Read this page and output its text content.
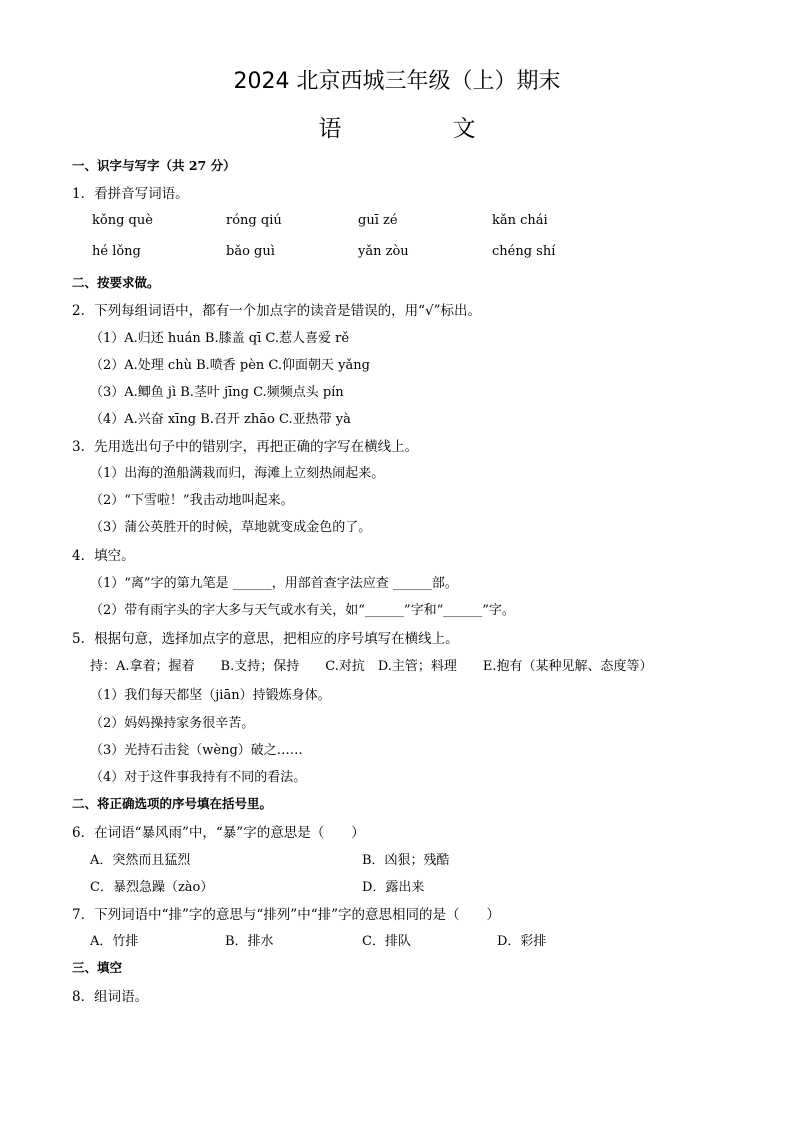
2024 北京西城三年级（上）期末
语　文
一、识字与写字（共 27 分）
1．看拼音写词语。
kǒng què	róng qiú	guī zé	kǎn chái
hé lǒng	bǎo guì	yǎn zòu	chéng shí
二、按要求做。
2．下列每组词语中，都有一个加点字的读音是错误的，用“√”标出。
（1）A.归还 huán B.膝盖 qī C.惹人喜爱 rě
（2）A.处理 chù B.喷香 pèn C.仰面朝天 yǎng
（3）A.鲫鱼 jì B.茎叶 jīng C.频频点头 pín
（4）A.兴奋 xīng B.召开 zhāo C.亚热带 yà
3．先用选出句子中的错别字，再把正确的字写在横线上。
（1）出海的渔船满栽而归，海滩上立刻热闹起来。
（2）“下雪啦！”我击动地叫起来。
（3）蒲公英胜开的时候，草地就变成金色的了。
4．填空。
（1）“离”字的第九笔是 ______，用部首查字法应查 ______部。
（2）带有雨字头的字大多与天气或水有关，如“______”字和“______”字。
5．根据句意，选择加点字的意思，把相应的序号填写在横线上。
持：A.拿着；握着　　B.支持；保持　　C.对抗　D.主管；料理　　E.抱有（某种见解、态度等）
（1）我们每天都坚（jiān）持锻炼身体。
（2）妈妈操持家务很辛苦。
（3）光持石击瓮（wèng）破之……
（4）对于这件事我持有不同的看法。
二、将正确选项的序号填在括号里。
6．在词语“暴风雨”中，“暴”字的意思是（　　）
A．突然而且猛烈	B．凶狠；残酷
C．暴烈急躁（zào）	D．露出来
7．下列词语中“排”字的意思与“排列”中“排”字的意思相同的是（　　）
A．竹排	B．排水	C．排队	D．彩排
三、填空
8．组词语。
